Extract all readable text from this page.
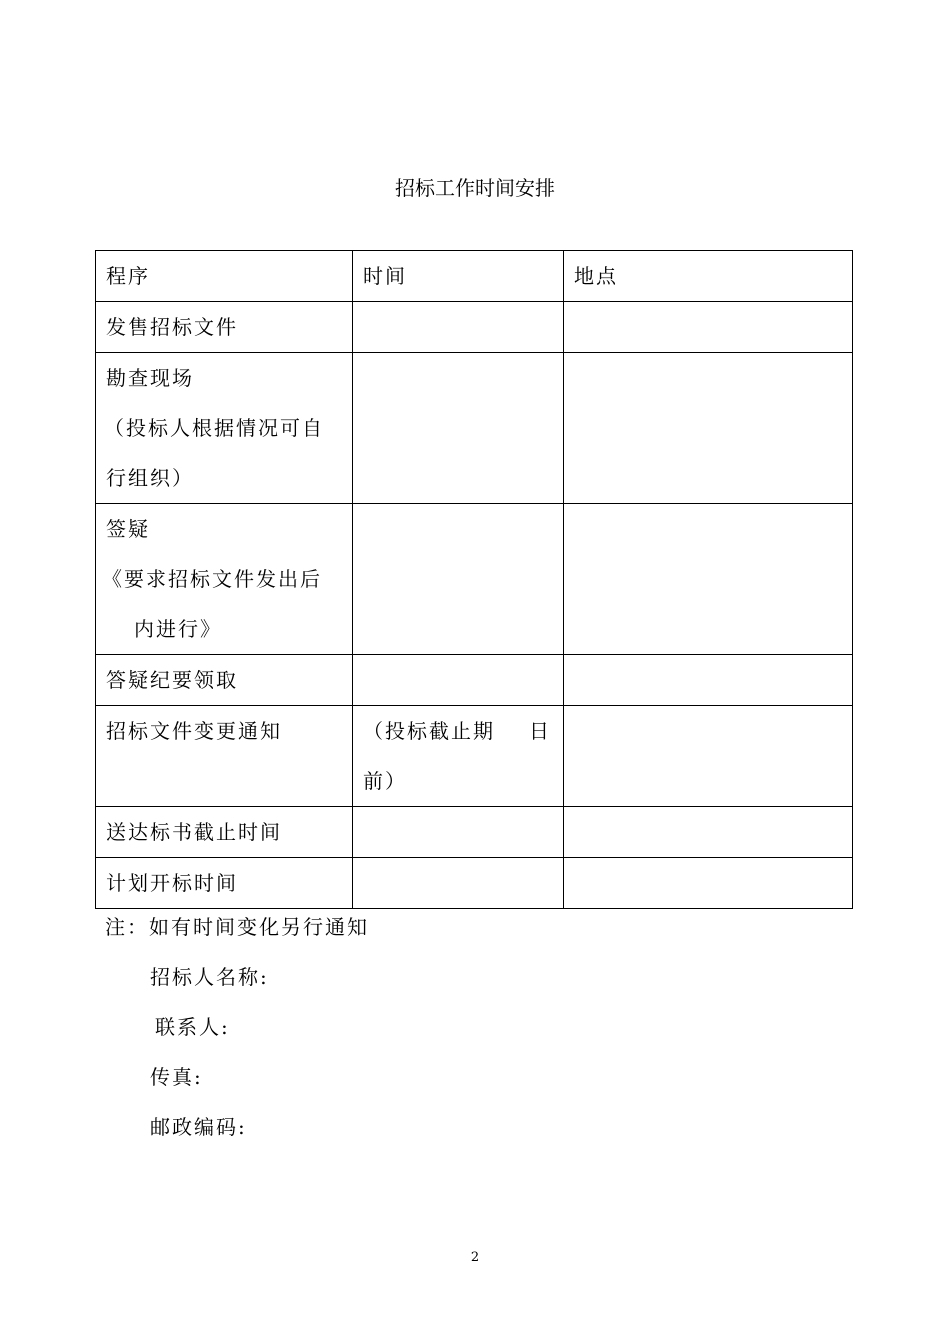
招标工作时间安排
程序	时间	地点

发售招标文件		

勘查现场
（投标人根据情况可自
行组织）		

签疑
《要求招标文件发出后
内进行》		

答疑纪要领取		

招标文件变更通知	（投标截止期 日
前）	

送达标书截止时间		

计划开标时间		

注：如有时间变化另行通知
招标人名称:
联系人:
传真:
邮政编码:
2
